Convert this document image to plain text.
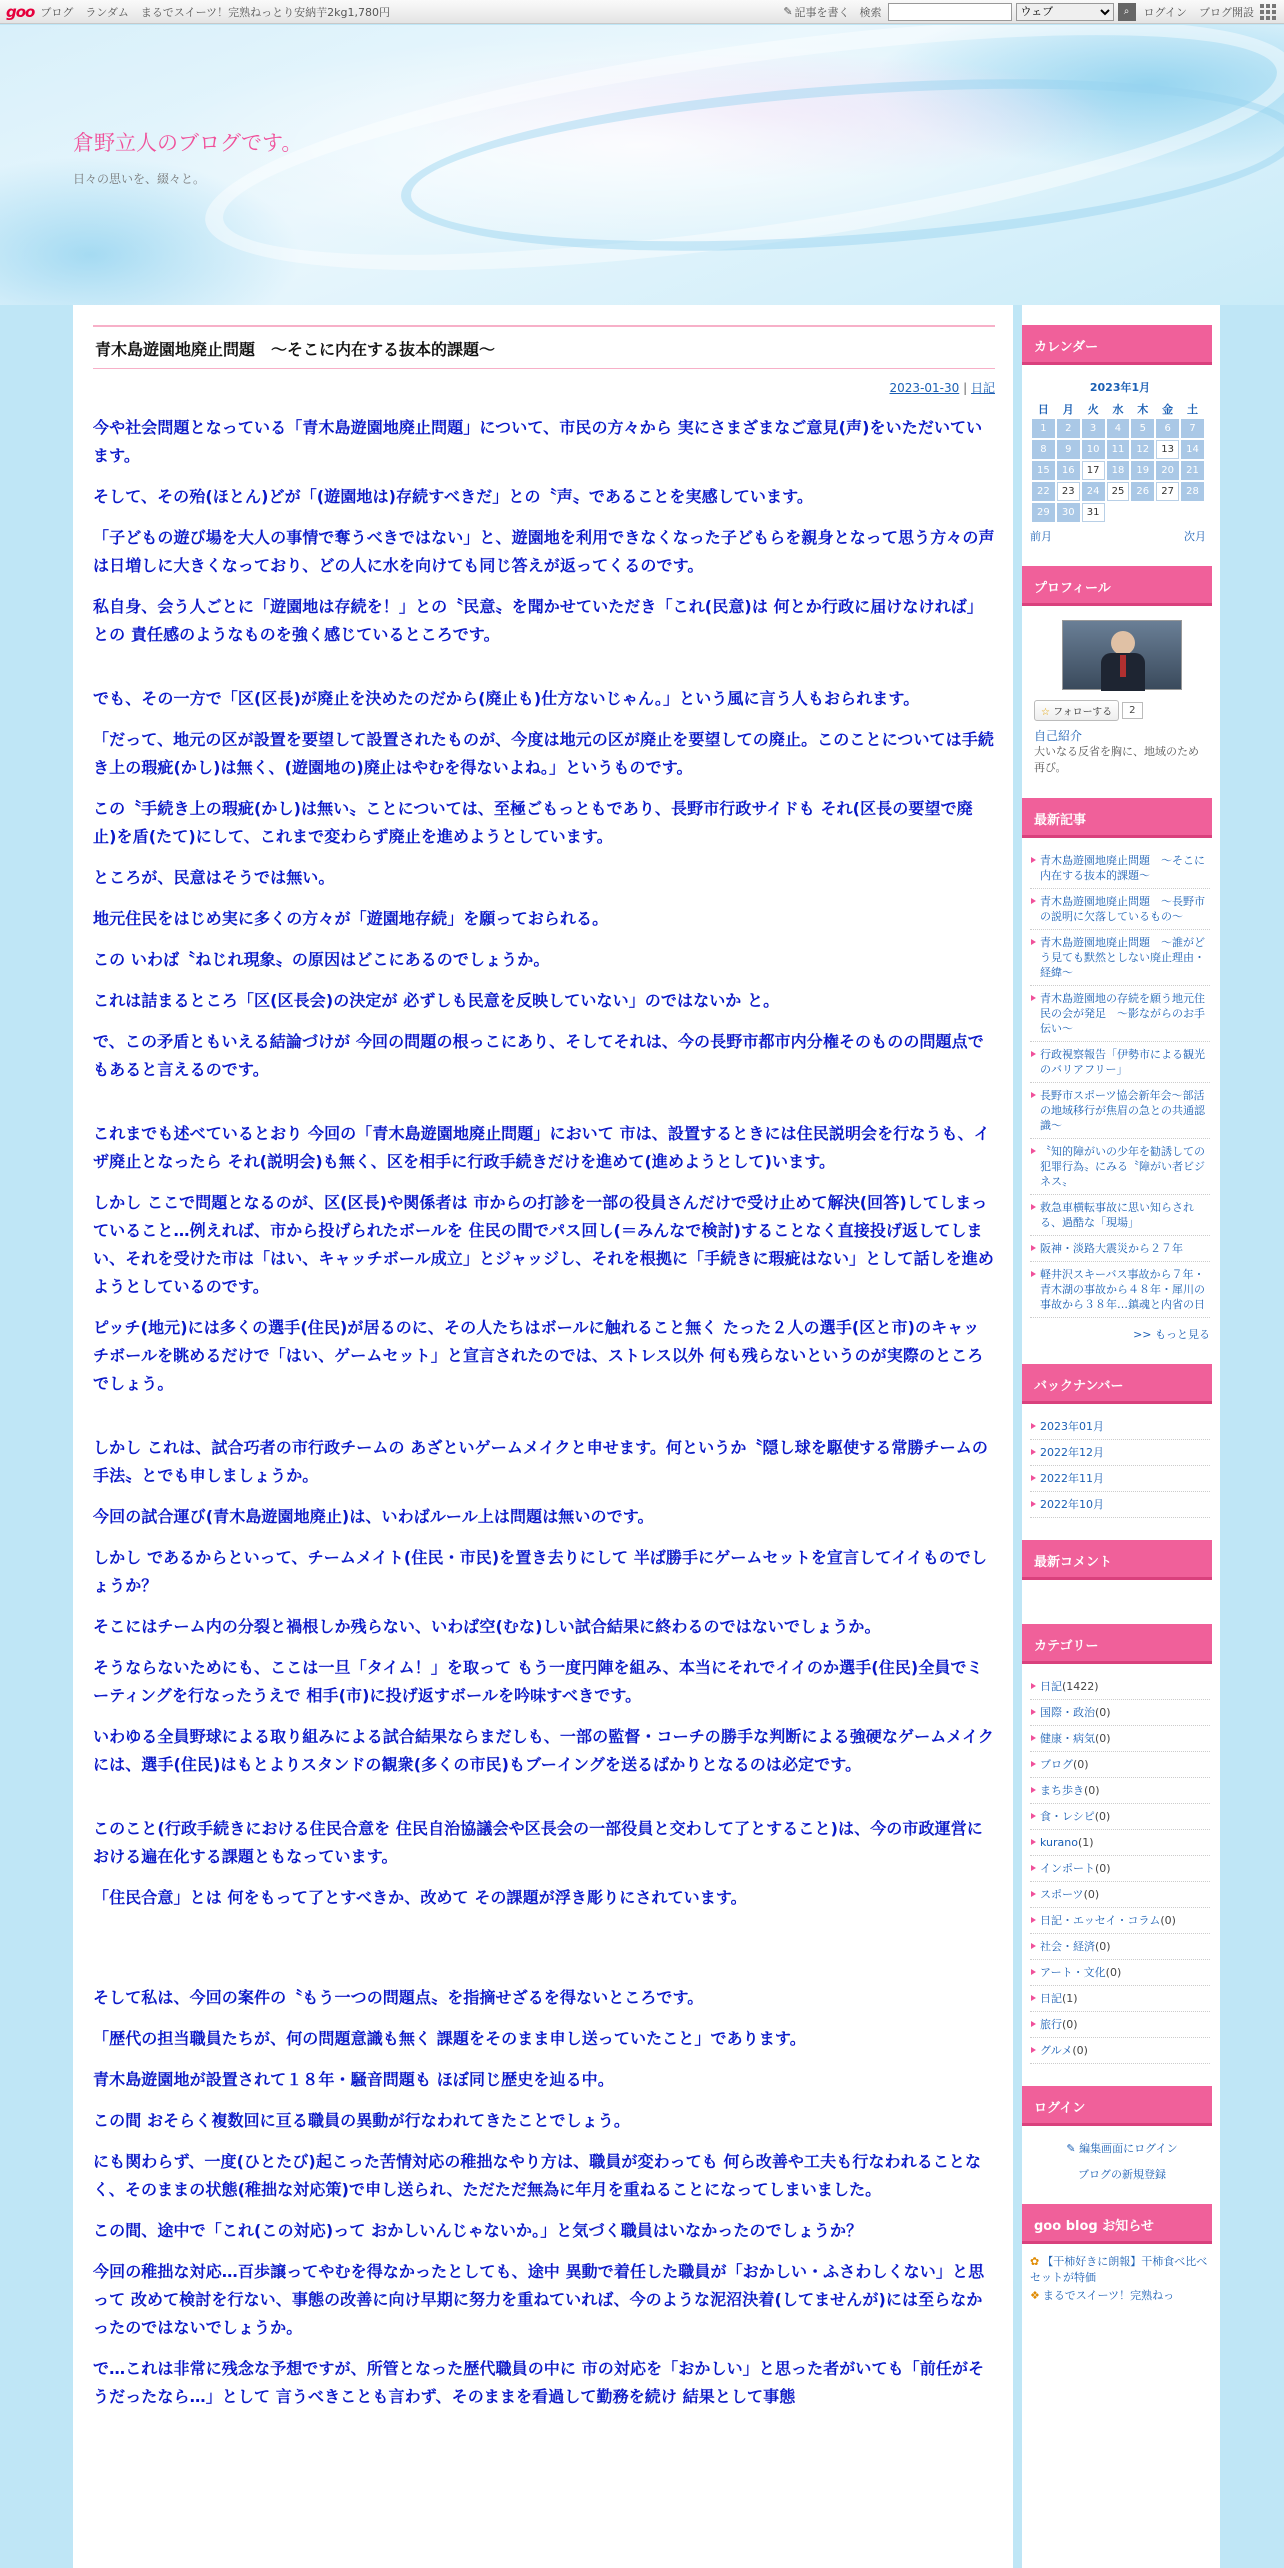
goo ブログ ランダム まるでスイーツ！完熟ねっとり安納芋2kg1,780円	✎ 記事を書く 検索
ウェブ	⌕ ログイン ブログ開設
倉野立人のブログです。
日々の思いを、綴々と。
青木島遊園地廃止問題　～そこに内在する抜本的課題～
2023-01-30 | 日記

今や社会問題となっている「青木島遊園地廃止問題」について、市民の方々から 実にさまざまなご意見(声)をいただいています。

そして、その殆(ほとん)どが「(遊園地は)存続すべきだ」との〝声〟であることを実感しています。

「子どもの遊び場を大人の事情で奪うべきではない」と、遊園地を利用できなくなった子どもらを親身となって思う方々の声は日増しに大きくなっており、どの人に水を向けても同じ答えが返ってくるのです。

私自身、会う人ごとに「遊園地は存続を！」との〝民意〟を聞かせていただき「これ(民意)は 何とか行政に届けなければ」との 責任感のようなものを強く感じているところです。

でも、その一方で「区(区長)が廃止を決めたのだから(廃止も)仕方ないじゃん。」という風に言う人もおられます。

「だって、地元の区が設置を要望して設置されたものが、今度は地元の区が廃止を要望しての廃止。このことについては手続き上の瑕疵(かし)は無く、(遊園地の)廃止はやむを得ないよね。」というものです。

この〝手続き上の瑕疵(かし)は無い〟ことについては、至極ごもっともであり、長野市行政サイドも それ(区長の要望で廃止)を盾(たて)にして、これまで変わらず廃止を進めようとしています。

ところが、民意はそうでは無い。

地元住民をはじめ実に多くの方々が「遊園地存続」を願っておられる。

この いわば〝ねじれ現象〟の原因はどこにあるのでしょうか。

これは詰まるところ「区(区長会)の決定が 必ずしも民意を反映していない」のではないか と。

で、この矛盾ともいえる結論づけが 今回の問題の根っこにあり、そしてそれは、今の長野市都市内分権そのものの問題点でもあると言えるのです。

これまでも述べているとおり 今回の「青木島遊園地廃止問題」において 市は、設置するときには住民説明会を行なうも、イザ廃止となったら それ(説明会)も無く、区を相手に行政手続きだけを進めて(進めようとして)います。

しかし ここで問題となるのが、区(区長)や関係者は 市からの打診を一部の役員さんだけで受け止めて解決(回答)してしまっていること…例えれば、市から投げられたボールを 住民の間でパス回し(＝みんなで検討)することなく直接投げ返してしまい、それを受けた市は「はい、キャッチボール成立」とジャッジし、それを根拠に「手続きに瑕疵はない」として話しを進めようとしているのです。

ピッチ(地元)には多くの選手(住民)が居るのに、その人たちはボールに触れること無く たった２人の選手(区と市)のキャッチボールを眺めるだけで「はい、ゲームセット」と宣言されたのでは、ストレス以外 何も残らないというのが実際のところでしょう。

しかし これは、試合巧者の市行政チームの あざといゲームメイクと申せます。何というか〝隠し球を駆使する常勝チームの手法〟とでも申しましょうか。

今回の試合運び(青木島遊園地廃止)は、いわばルール上は問題は無いのです。

しかし であるからといって、チームメイト(住民・市民)を置き去りにして 半ば勝手にゲームセットを宣言してイイものでしょうか？

そこにはチーム内の分裂と禍根しか残らない、いわば空(むな)しい試合結果に終わるのではないでしょうか。

そうならないためにも、ここは一旦「タイム！」を取って もう一度円陣を組み、本当にそれでイイのか選手(住民)全員でミーティングを行なったうえで 相手(市)に投げ返すボールを吟味すべきです。

いわゆる全員野球による取り組みによる試合結果ならまだしも、一部の監督・コーチの勝手な判断による強硬なゲームメイクには、選手(住民)はもとよりスタンドの観衆(多くの市民)もブーイングを送るばかりとなるのは必定です。

このこと(行政手続きにおける住民合意を 住民自治協議会や区長会の一部役員と交わして了とすること)は、今の市政運営における遍在化する課題ともなっています。

「住民合意」とは 何をもって了とすべきか、改めて その課題が浮き彫りにされています。

そして私は、今回の案件の〝もう一つの問題点〟を指摘せざるを得ないところです。

「歴代の担当職員たちが、何の問題意識も無く 課題をそのまま申し送っていたこと」であります。

青木島遊園地が設置されて１８年・騒音問題も ほぼ同じ歴史を辿る中。

この間 おそらく複数回に亘る職員の異動が行なわれてきたことでしょう。

にも関わらず、一度(ひとたび)起こった苦情対応の稚拙なやり方は、職員が変わっても 何ら改善や工夫も行なわれることなく、そのままの状態(稚拙な対応策)で申し送られ、ただただ無為に年月を重ねることになってしまいました。

この間、途中で「これ(この対応)って おかしいんじゃないか。」と気づく職員はいなかったのでしょうか？

今回の稚拙な対応…百歩譲ってやむを得なかったとしても、途中 異動で着任した職員が「おかしい・ふさわしくない」と思って 改めて検討を行ない、事態の改善に向け早期に努力を重ねていれば、今のような泥沼決着(してませんが)には至らなかったのではないでしょうか。

で…これは非常に残念な予想ですが、所管となった歴代職員の中に 市の対応を「おかしい」と思った者がいても「前任がそうだったなら…」として 言うべきことも言わず、そのままを看過して勤務を続け 結果として事態

カレンダー
2023年1月
日	月	火	水	木	金	土
1	2	3	4	5	6	7
8	9	10	11	12	13	14
15	16	17	18	19	20	21
22	23	24	25	26	27	28
29	30	31				
前月	次月
プロフィール
☆ フォローする	2
自己紹介
大いなる反省を胸に、地域のため　再び。
最新記事
青木島遊園地廃止問題　～そこに内在する抜本的課題～
青木島遊園地廃止問題　～長野市の説明に欠落しているもの～
青木島遊園地廃止問題　～誰がどう見ても默然としない廃止理由・経緯～
青木島遊園地の存続を願う地元住民の会が発足　～影ながらのお手伝い～
行政視察報告「伊勢市による観光のバリアフリー」
長野市スポーツ協会新年会～部活の地域移行が焦眉の急との共通認識～
〝知的障がいの少年を勧誘しての犯罪行為〟にみる〝障がい者ビジネス〟
救急車横転事故に思い知らされる、過酷な「現場」
阪神・淡路大震災から２７年
軽井沢スキーバス事故から７年・青木湖の事故から４８年・犀川の事故から３８年…鎮魂と内省の日
>> もっと見る
バックナンバー
2023年01月
2022年12月
2022年11月
2022年10月
最新コメント
カテゴリー
日記(1422)
国際・政治(0)
健康・病気(0)
ブログ(0)
まち歩き(0)
食・レシピ(0)
kurano(1)
インポート(0)
スポーツ(0)
日記・エッセイ・コラム(0)
社会・経済(0)
アート・文化(0)
日記(1)
旅行(0)
グルメ(0)
ログイン
✎ 編集画面にログイン
ブログの新規登録
goo blog お知らせ
✿ 【干柿好きに朗報】干柿食べ比べセットが特価
❖ まるでスイーツ！完熟ねっ
